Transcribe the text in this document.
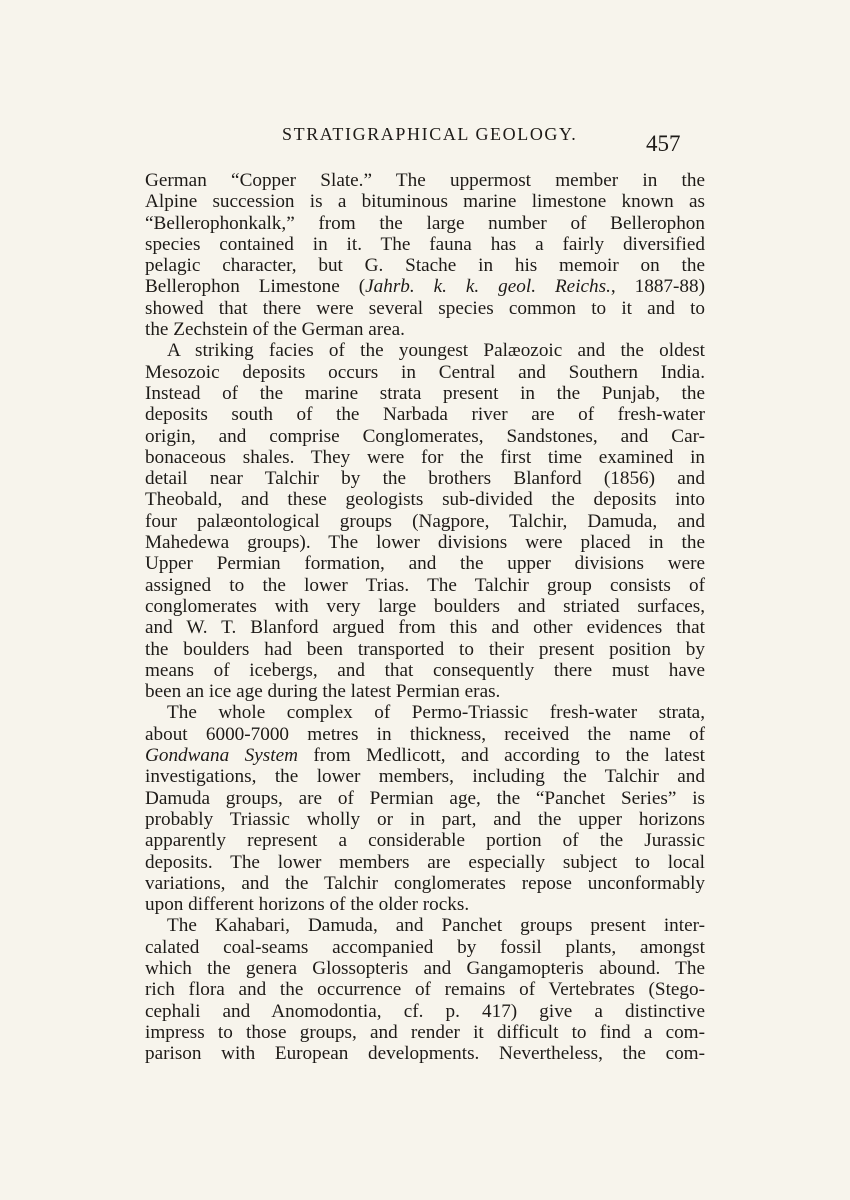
STRATIGRAPHICAL GEOLOGY.	457
German “Copper Slate.” The uppermost member in the
Alpine succession is a bituminous marine limestone known as
“Bellerophonkalk,” from the large number of Bellerophon
species contained in it. The fauna has a fairly diversified
pelagic character, but G. Stache in his memoir on the
Bellerophon Limestone (Jahrb. k. k. geol. Reichs., 1887-88)
showed that there were several species common to it and to
the Zechstein of the German area.
A striking facies of the youngest Palæozoic and the oldest
Mesozoic deposits occurs in Central and Southern India.
Instead of the marine strata present in the Punjab, the
deposits south of the Narbada river are of fresh-water
origin, and comprise Conglomerates, Sandstones, and Car-
bonaceous shales. They were for the first time examined in
detail near Talchir by the brothers Blanford (1856) and
Theobald, and these geologists sub-divided the deposits into
four palæontological groups (Nagpore, Talchir, Damuda, and
Mahedewa groups). The lower divisions were placed in the
Upper Permian formation, and the upper divisions were
assigned to the lower Trias. The Talchir group consists of
conglomerates with very large boulders and striated surfaces,
and W. T. Blanford argued from this and other evidences that
the boulders had been transported to their present position by
means of icebergs, and that consequently there must have
been an ice age during the latest Permian eras.
The whole complex of Permo-Triassic fresh-water strata,
about 6000-7000 metres in thickness, received the name of
Gondwana System from Medlicott, and according to the latest
investigations, the lower members, including the Talchir and
Damuda groups, are of Permian age, the “Panchet Series” is
probably Triassic wholly or in part, and the upper horizons
apparently represent a considerable portion of the Jurassic
deposits. The lower members are especially subject to local
variations, and the Talchir conglomerates repose unconformably
upon different horizons of the older rocks.
The Kahabari, Damuda, and Panchet groups present inter-
calated coal-seams accompanied by fossil plants, amongst
which the genera Glossopteris and Gangamopteris abound. The
rich flora and the occurrence of remains of Vertebrates (Stego-
cephali and Anomodontia, cf. p. 417) give a distinctive
impress to those groups, and render it difficult to find a com-
parison with European developments. Nevertheless, the com-
